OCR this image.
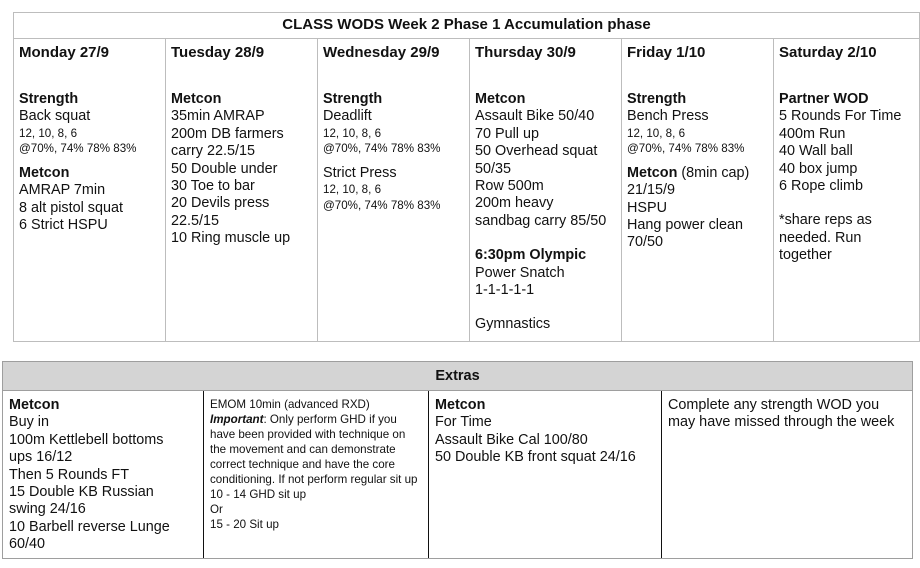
CLASS WODS Week 2 Phase 1 Accumulation phase
Monday 27/9
Strength
Back squat
12, 10, 8, 6
@70%, 74% 78% 83%
Metcon
AMRAP 7min
8 alt pistol squat
6 Strict HSPU
Tuesday 28/9
Metcon
35min AMRAP
200m DB farmers
carry 22.5/15
50 Double under
30 Toe to bar
20 Devils press
22.5/15
10 Ring muscle up
Wednesday 29/9
Strength
Deadlift
12, 10, 8, 6
@70%, 74% 78% 83%
Strict Press
12, 10, 8, 6
@70%, 74% 78% 83%
Thursday 30/9
Metcon
Assault Bike 50/40
70 Pull up
50 Overhead squat
50/35
Row 500m
200m heavy
sandbag carry 85/50
6:30pm Olympic
Power Snatch
1-1-1-1-1
Gymnastics
Friday 1/10
Strength
Bench Press
12, 10, 8, 6
@70%, 74% 78% 83%
Metcon (8min cap)
21/15/9
HSPU
Hang power clean
70/50
Saturday 2/10
Partner WOD
5 Rounds For Time
400m Run
40 Wall ball
40 box jump
6 Rope climb
*share reps as
needed. Run
together
Extras
Metcon
Buy in
100m Kettlebell bottoms
ups 16/12
Then 5 Rounds FT
15 Double KB Russian
swing 24/16
10 Barbell reverse Lunge
60/40
EMOM 10min (advanced RXD)
Important: Only perform GHD if you have been provided with technique on the movement and can demonstrate correct technique and have the core conditioning. If not perform regular sit up
10 - 14 GHD sit up
Or
15 - 20 Sit up
Metcon
For Time
Assault Bike Cal 100/80
50 Double KB front squat 24/16
Complete any strength WOD you may have missed through the week
